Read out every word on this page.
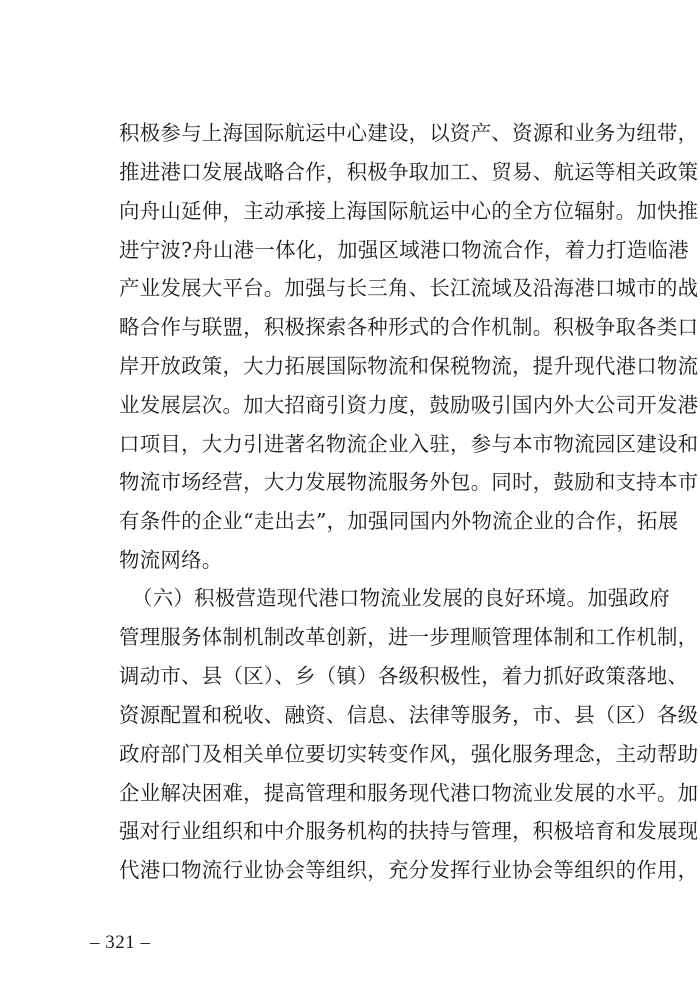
积极参与上海国际航运中心建设，以资产、资源和业务为纽带，
推进港口发展战略合作，积极争取加工、贸易、航运等相关政策
向舟山延伸，主动承接上海国际航运中心的全方位辐射。加快推
进宁波?舟山港一体化，加强区域港口物流合作，着力打造临港
产业发展大平台。加强与长三角、长江流域及沿海港口城市的战
略合作与联盟，积极探索各种形式的合作机制。积极争取各类口
岸开放政策，大力拓展国际物流和保税物流，提升现代港口物流
业发展层次。加大招商引资力度，鼓励吸引国内外大公司开发港
口项目，大力引进著名物流企业入驻，参与本市物流园区建设和
物流市场经营，大力发展物流服务外包。同时，鼓励和支持本市
有条件的企业“走出去”，加强同国内外物流企业的合作，拓展
物流网络。
（六）积极营造现代港口物流业发展的良好环境。加强政府
管理服务体制机制改革创新，进一步理顺管理体制和工作机制，
调动市、县（区）、乡（镇）各级积极性，着力抓好政策落地、
资源配置和税收、融资、信息、法律等服务，市、县（区）各级
政府部门及相关单位要切实转变作风，强化服务理念，主动帮助
企业解决困难，提高管理和服务现代港口物流业发展的水平。加
强对行业组织和中介服务机构的扶持与管理，积极培育和发展现
代港口物流行业协会等组织，充分发挥行业协会等组织的作用，
– 321 –
